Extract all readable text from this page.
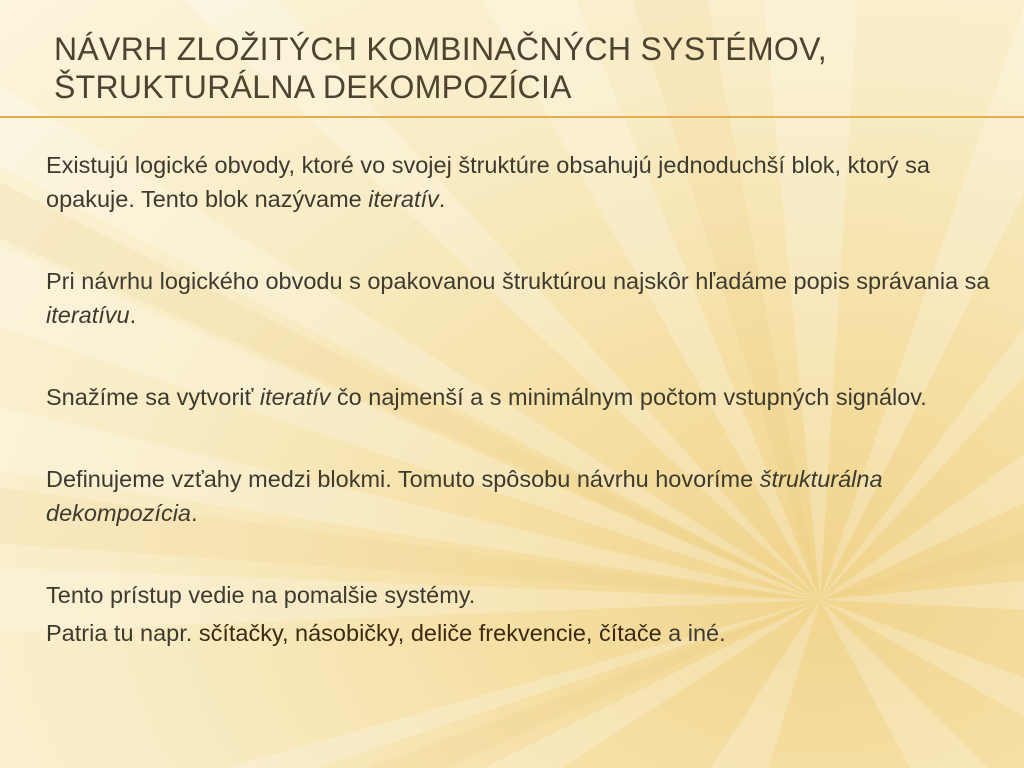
NÁVRH ZLOŽITÝCH KOMBINAČNÝCH SYSTÉMOV,
ŠTRUKTURÁLNA DEKOMPOZÍCIA

Existujú logické obvody, ktoré vo svojej štruktúre obsahujú jednoduchší blok, ktorý sa opakuje. Tento blok nazývame iteratív.

Pri návrhu logického obvodu s opakovanou štruktúrou najskôr hľadáme popis správania sa iteratívu.

Snažíme sa vytvoriť iteratív čo najmenší a s minimálnym počtom vstupných signálov.

Definujeme vzťahy medzi blokmi. Tomuto spôsobu návrhu hovoríme štrukturálna dekompozícia.

Tento prístup vedie na pomalšie systémy.

Patria tu napr. sčítačky, násobičky, deliče frekvencie, čítače a iné.
